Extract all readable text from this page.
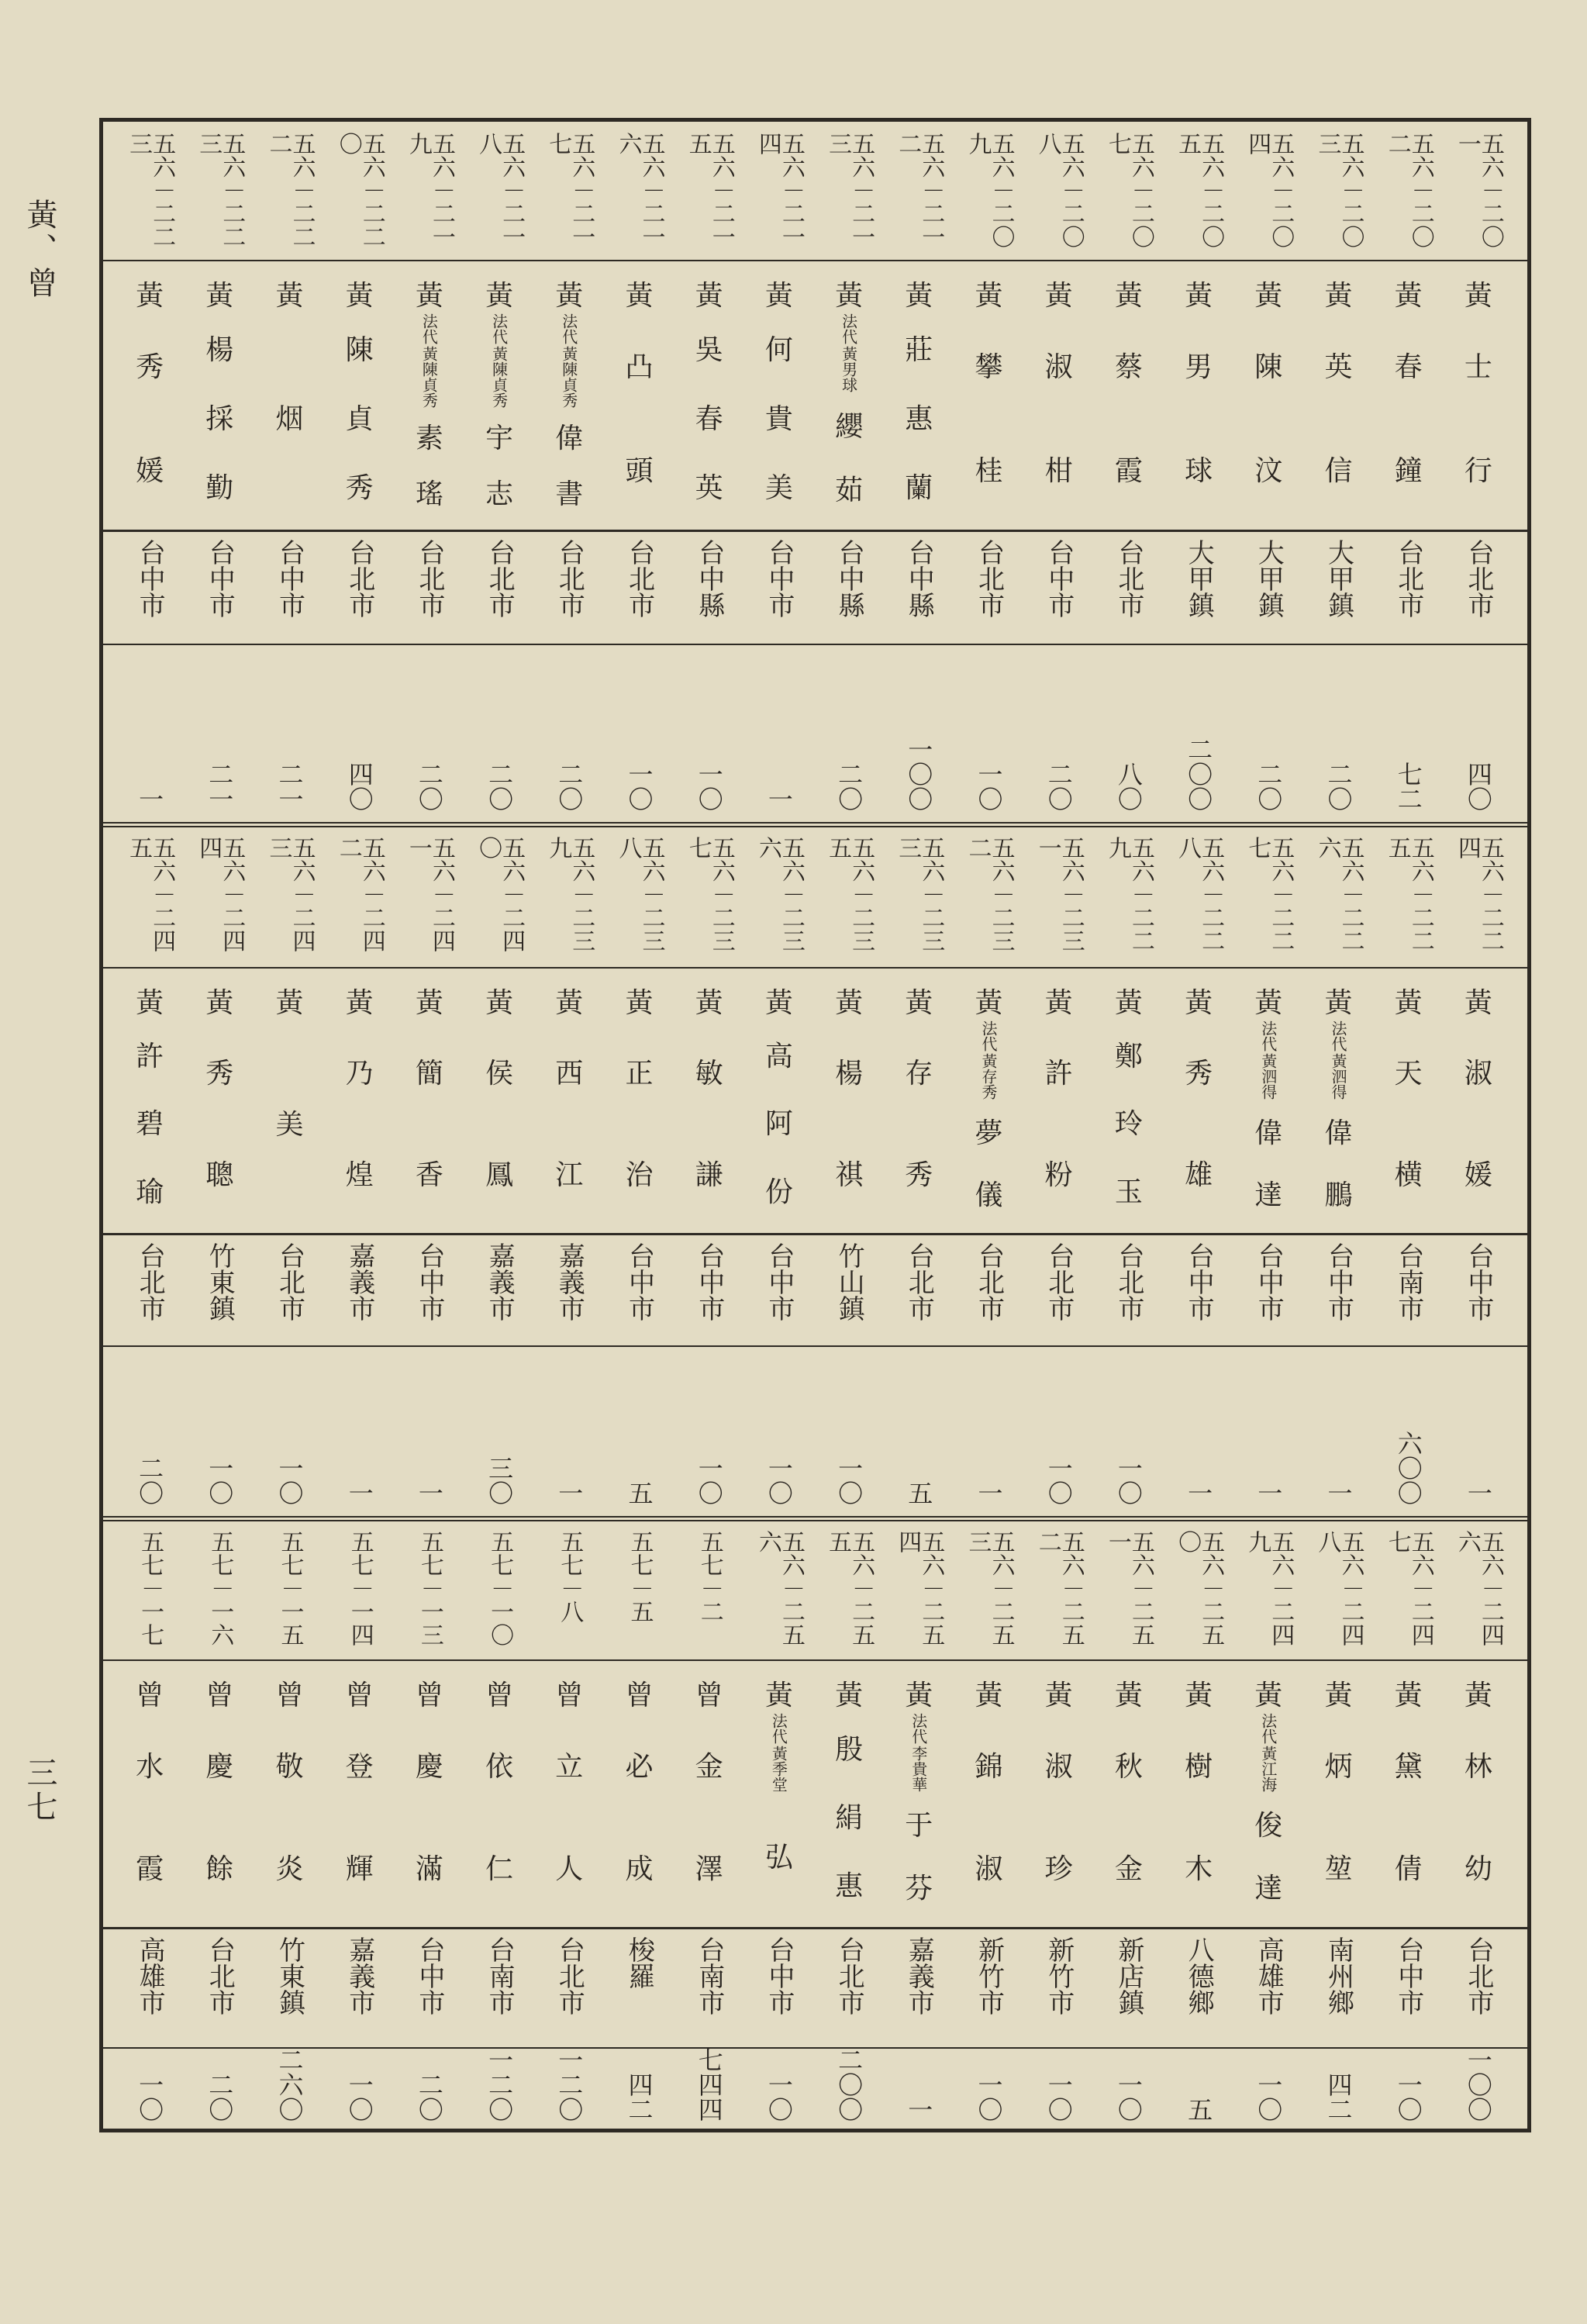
黃、曾
三七
五六－二〇一
黃
士
行
台北市
四〇
五六－二〇二
黃
春
鐘
台北市
七二
五六－二〇三
黃
英
信
大甲鎮
二〇
五六－二〇四
黃
陳
汶
大甲鎮
二〇
五六－二〇五
黃
男
球
大甲鎮
二〇〇
五六－二〇七
黃
蔡
霞
台北市
八〇
五六－二〇八
黃
淑
柑
台中市
二〇
五六－二〇九
黃
攀
桂
台北市
一〇
五六－二一二
黃
莊
惠
蘭
台中縣
一〇〇
五六－二一三
黃
法代
黃男球
纓
茹
台中縣
二〇
五六－二一四
黃
何
貴
美
台中市
一
五六－二一五
黃
吳
春
英
台中縣
一〇
五六－二一六
黃
凸
頭
台北市
一〇
五六－二一七
黃
法代
黃陳貞秀
偉
書
台北市
二〇
五六－二一八
黃
法代
黃陳貞秀
宇
志
台北市
二〇
五六－二一九
黃
法代
黃陳貞秀
素
瑤
台北市
二〇
五六－二二〇
黃
陳
貞
秀
台北市
四〇
五六－二二二
黃
烟
台中市
二一
五六－二二三
黃
楊
採
勤
台中市
二一
五六－二二三
黃
秀
媛
台中市
一
五六－二二四
黃
淑
媛
台中市
一
五六－二二五
黃
天
横
台南市
六〇〇
五六－二二六
黃
法代
黃泗得
偉
鵬
台中市
一
五六－二二七
黃
法代
黃泗得
偉
達
台中市
一
五六－二二八
黃
秀
雄
台中市
一
五六－二二九
黃
鄭
玲
玉
台北市
一〇
五六－二三一
黃
許
粉
台北市
一〇
五六－二三二
黃
法代
黃存秀
夢
儀
台北市
一
五六－二三三
黃
存
秀
台北市
五
五六－二三五
黃
楊
祺
竹山鎮
一〇
五六－二三六
黃
高
阿
份
台中市
一〇
五六－二三七
黃
敏
謙
台中市
一〇
五六－二三八
黃
正
治
台中市
五
五六－二三九
黃
西
江
嘉義市
一
五六－二四〇
黃
侯
鳳
嘉義市
三〇
五六－二四一
黃
簡
香
台中市
一
五六－二四二
黃
乃
煌
嘉義市
一
五六－二四三
黃
美
台北市
一〇
五六－二四四
黃
秀
聰
竹東鎮
一〇
五六－二四五
黃
許
碧
瑜
台北市
二〇
五六－二四六
黃
林
幼
台北市
一〇〇
五六－二四七
黃
黛
倩
台中市
一〇
五六－二四八
黃
炳
堃
南州鄉
四二
五六－二四九
黃
法代
黃江海
俊
達
高雄市
一〇
五六－二五〇
黃
樹
木
八德鄉
五
五六－二五一
黃
秋
金
新店鎮
一〇
五六－二五二
黃
淑
珍
新竹市
一〇
五六－二五三
黃
錦
淑
新竹市
一〇
五六－二五四
黃
法代
李貴華
于
芬
嘉義市
一
五六－二五五
黃
殷
絹
惠
台北市
二〇〇
五六－二五六
黃
法代
黃季堂
弘
台中市
一〇
五七－二
曾
金
澤
台南市
七四四
五七－五
曾
必
成
梭羅
四二
五七－八
曾
立
人
台北市
一二〇
五七－一〇
曾
依
仁
台南市
一二〇
五七－一三
曾
慶
滿
台中市
二〇
五七－一四
曾
登
輝
嘉義市
一〇
五七－一五
曾
敬
炎
竹東鎮
二六〇
五七－一六
曾
慶
餘
台北市
二〇
五七－一七
曾
水
霞
高雄市
一〇
